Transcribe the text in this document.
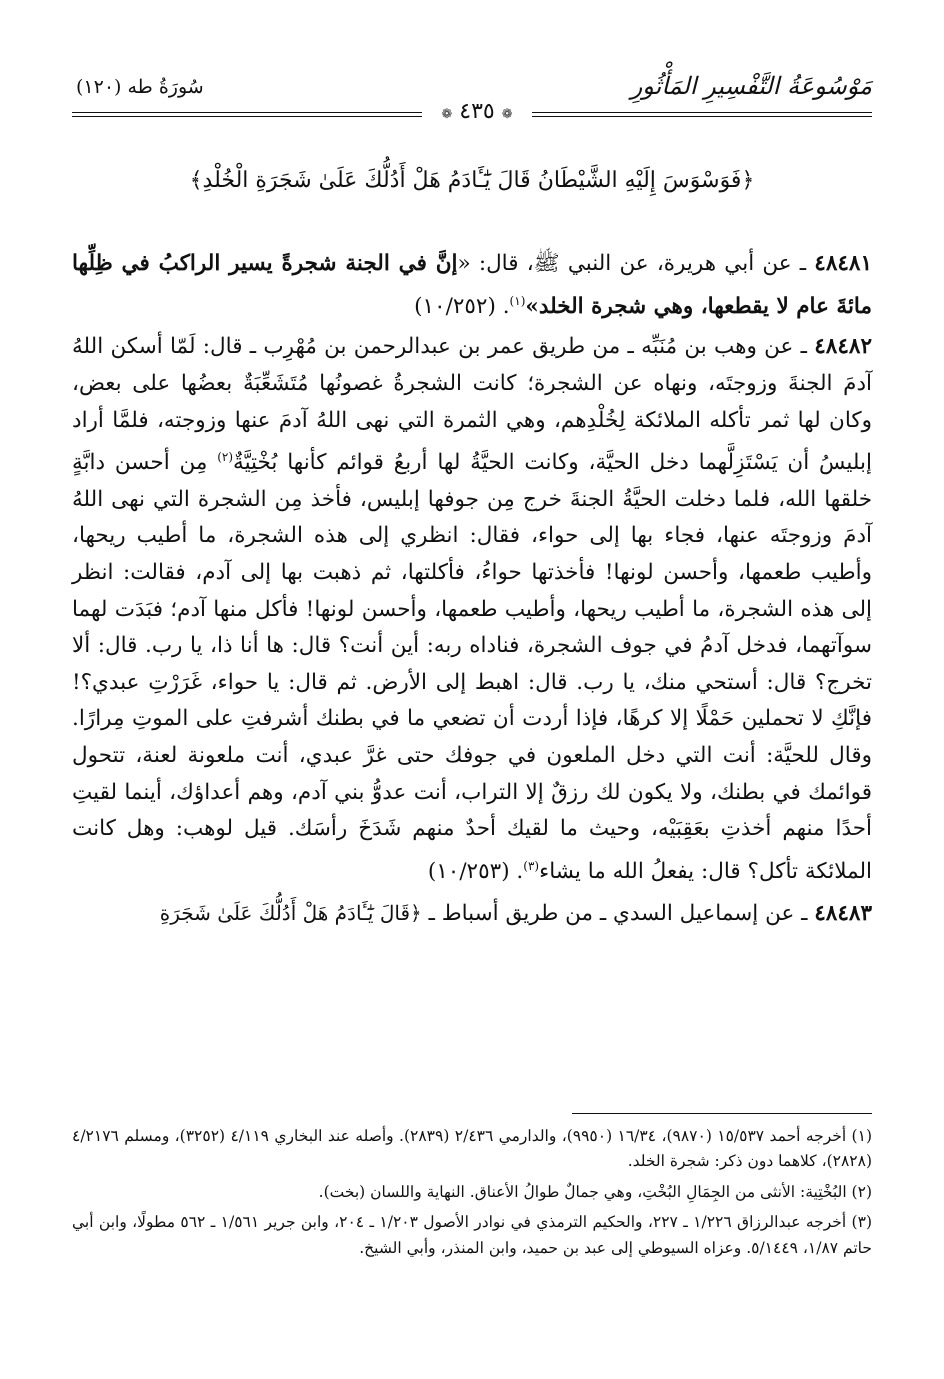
مَوْسُوعَةُ التَّفْسِيرِ المَأْثُورِ
سُورَةُ طه (١٢٠)
❁ ٤٣٥ ❁
﴿فَوَسْوَسَ إِلَيْهِ الشَّيْطَانُ قَالَ يَٰٓـَٔادَمُ هَلْ أَدُلُّكَ عَلَىٰ شَجَرَةِ الْخُلْدِ﴾

٤٨٤٨١ ـ عن أبي هريرة، عن النبي ﷺ، قال: «إنَّ في الجنة شجرةً يسير الراكبُ في ظِلِّها مائةَ عام لا يقطعها، وهي شجرة الخلد»$^{(١)}$. (١٠/٢٥٢)

٤٨٤٨٢ ـ عن وهب بن مُنَبِّه ـ من طريق عمر بن عبدالرحمن بن مُهْرِب ـ قال: لَمّا أسكن اللهُ آدمَ الجنةَ وزوجتَه، ونهاه عن الشجرة؛ كانت الشجرةُ غصونُها مُتَشَعِّبَةٌ بعضُها على بعض، وكان لها ثمر تأكله الملائكة لِخُلْدِهم، وهي الثمرة التي نهى اللهُ آدمَ عنها وزوجته، فلمَّا أراد إبليسُ أن يَسْتَزِلَّهما دخل الحيَّة، وكانت الحيَّةُ لها أربعُ قوائم كأنها بُخْتِيَّةٌ$^{(٢)}$ مِن أحسن دابَّةٍ خلقها الله، فلما دخلت الحيَّةُ الجنةَ خرج مِن جوفها إبليس، فأخذ مِن الشجرة التي نهى اللهُ آدمَ وزوجتَه عنها، فجاء بها إلى حواء، فقال: انظري إلى هذه الشجرة، ما أطيب ريحها، وأطيب طعمها، وأحسن لونها! فأخذتها حواءُ، فأكلتها، ثم ذهبت بها إلى آدم، فقالت: انظر إلى هذه الشجرة، ما أطيب ريحها، وأطيب طعمها، وأحسن لونها! فأكل منها آدم؛ فبَدَت لهما سوآتهما، فدخل آدمُ في جوف الشجرة، فناداه ربه: أين أنت؟ قال: ها أنا ذا، يا رب. قال: ألا تخرج؟ قال: أستحي منك، يا رب. قال: اهبط إلى الأرض. ثم قال: يا حواء، غَرَرْتِ عبدي؟! فإنَّكِ لا تحملين حَمْلًا إلا كرهًا، فإذا أردت أن تضعي ما في بطنك أشرفتِ على الموتِ مِرارًا. وقال للحيَّة: أنت التي دخل الملعون في جوفك حتى غرَّ عبدي، أنت ملعونة لعنة، تتحول قوائمك في بطنك، ولا يكون لك رزقٌ إلا التراب، أنت عدوُّ بني آدم، وهم أعداؤك، أينما لقيتِ أحدًا منهم أخذتِ بعَقِبَيْه، وحيث ما لقيك أحدٌ منهم شَدَخَ رأسَك. قيل لوهب: وهل كانت الملائكة تأكل؟ قال: يفعلُ الله ما يشاء$^{(٣)}$. (١٠/٢٥٣)

٤٨٤٨٣ ـ عن إسماعيل السدي ـ من طريق أسباط ـ ﴿قَالَ يَٰٓـَٔادَمُ هَلْ أَدُلُّكَ عَلَىٰ شَجَرَةِ

(١) أخرجه أحمد ١٥/٥٣٧ (٩٨٧٠)، ١٦/٣٤ (٩٩٥٠)، والدارمي ٢/٤٣٦ (٢٨٣٩). وأصله عند البخاري ٤/١١٩ (٣٢٥٢)، ومسلم ٤/٢١٧٦ (٢٨٢٨)، كلاهما دون ذكر: شجرة الخلد.

(٢) البُخْتِية: الأنثى من الجِمَالِ البُخْتِ، وهي جمالٌ طوالُ الأعناق. النهاية واللسان (بخت).

(٣) أخرجه عبدالرزاق ١/٢٢٦ ـ ٢٢٧، والحكيم الترمذي في نوادر الأصول ١/٢٠٣ ـ ٢٠٤، وابن جرير ١/٥٦١ ـ ٥٦٢ مطولًا، وابن أبي حاتم ١/٨٧، ٥/١٤٤٩. وعزاه السيوطي إلى عبد بن حميد، وابن المنذر، وأبي الشيخ.
